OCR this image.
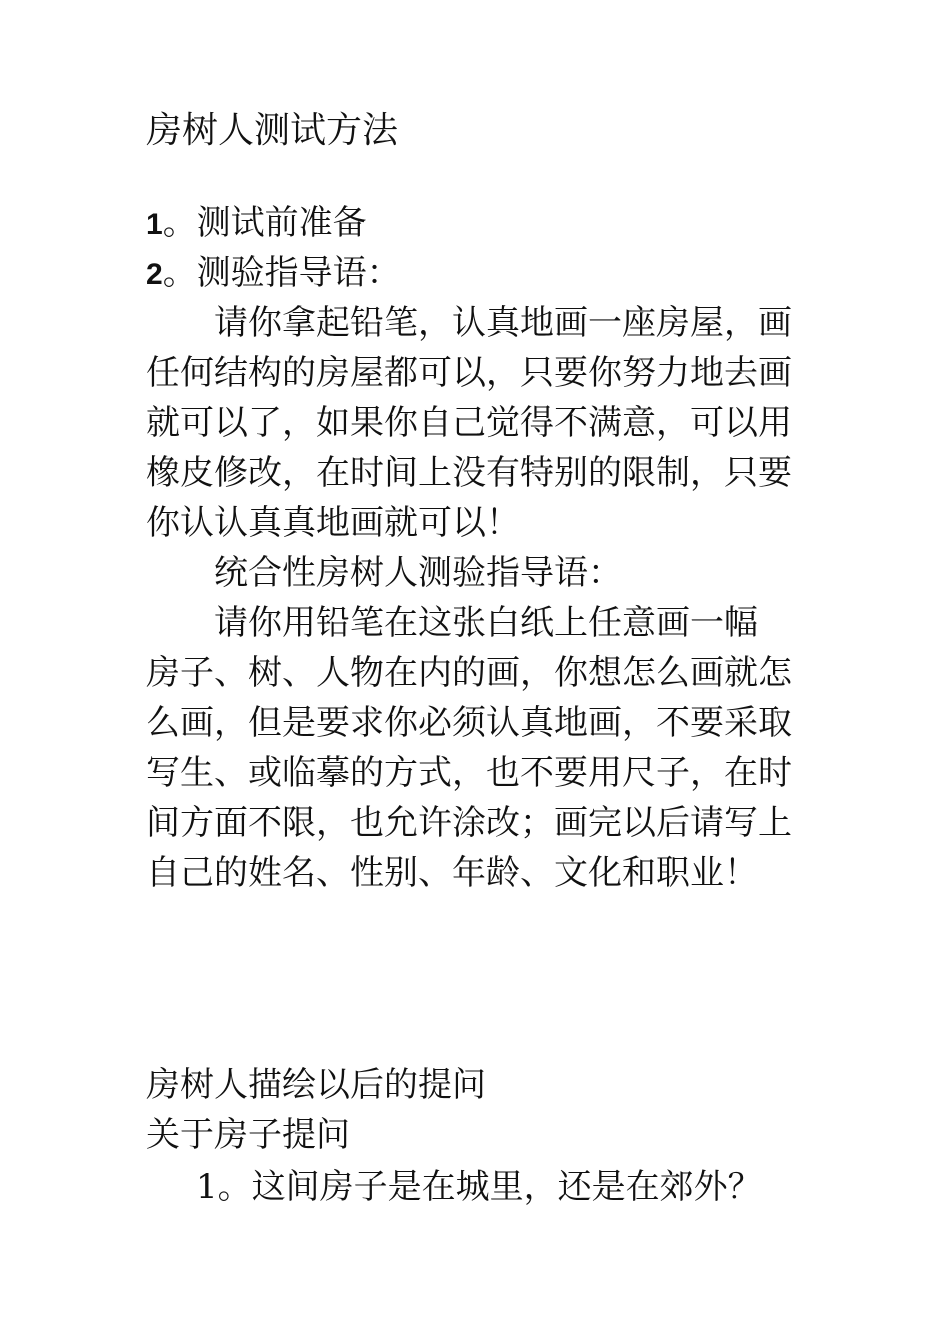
房树人测试方法
1。测试前准备
2。测验指导语：
请你拿起铅笔，认真地画一座房屋，画
任何结构的房屋都可以，只要你努力地去画
就可以了，如果你自己觉得不满意，可以用
橡皮修改，在时间上没有特别的限制，只要
你认认真真地画就可以！
统合性房树人测验指导语：
请你用铅笔在这张白纸上任意画一幅
房子、树、人物在内的画，你想怎么画就怎
么画，但是要求你必须认真地画，不要采取
写生、或临摹的方式，也不要用尺子，在时
间方面不限，也允许涂改；画完以后请写上
自己的姓名、性别、年龄、文化和职业！
房树人描绘以后的提问
关于房子提问
1。这间房子是在城里，还是在郊外？
